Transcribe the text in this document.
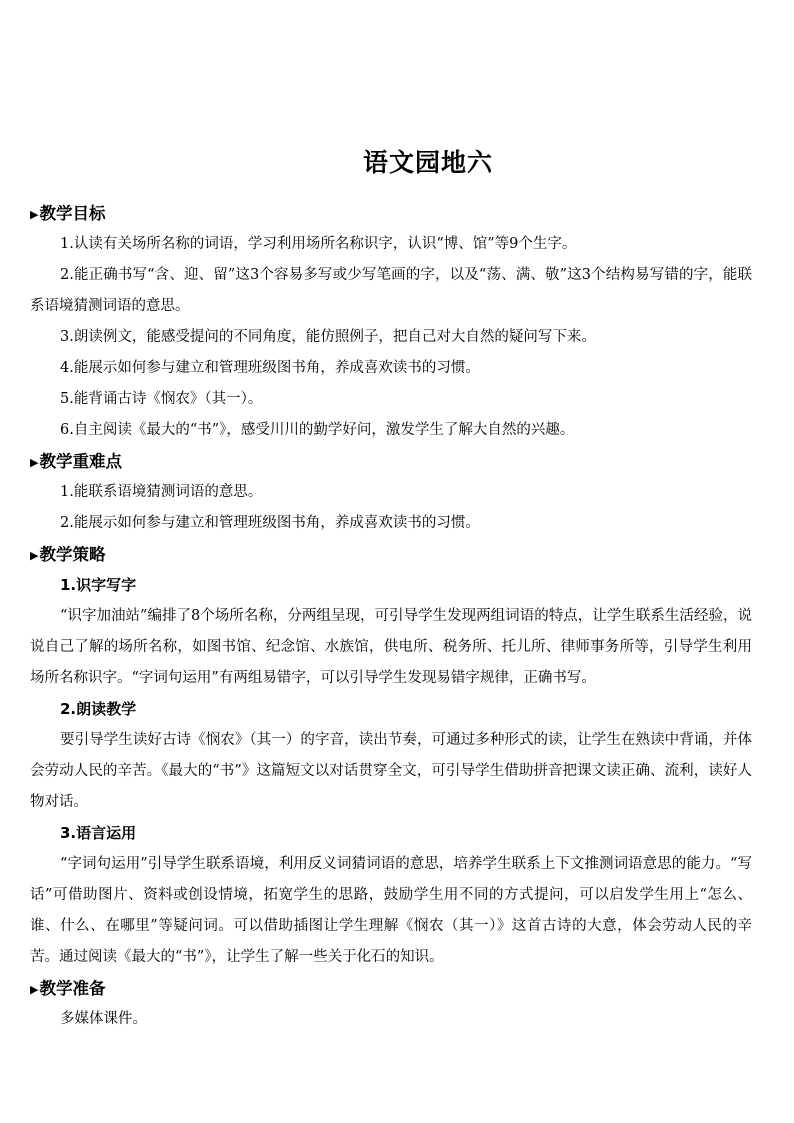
语文园地六
▶教学目标
1.认读有关场所名称的词语，学习利用场所名称识字，认识“博、馆”等9个生字。
2.能正确书写“含、迎、留”这3个容易多写或少写笔画的字，以及“荡、满、敬”这3个结构易写错的字，能联系语境猜测词语的意思。
3.朗读例文，能感受提问的不同角度，能仿照例子，把自己对大自然的疑问写下来。
4.能展示如何参与建立和管理班级图书角，养成喜欢读书的习惯。
5.能背诵古诗《悯农》（其一）。
6.自主阅读《最大的“书”》，感受川川的勤学好问，激发学生了解大自然的兴趣。
▶教学重难点
1.能联系语境猜测词语的意思。
2.能展示如何参与建立和管理班级图书角，养成喜欢读书的习惯。
▶教学策略
1.识字写字
“识字加油站”编排了8个场所名称，分两组呈现，可引导学生发现两组词语的特点，让学生联系生活经验，说说自己了解的场所名称，如图书馆、纪念馆、水族馆，供电所、税务所、托儿所、律师事务所等，引导学生利用场所名称识字。“字词句运用”有两组易错字，可以引导学生发现易错字规律，正确书写。
2.朗读教学
要引导学生读好古诗《悯农》（其一）的字音，读出节奏，可通过多种形式的读，让学生在熟读中背诵，并体会劳动人民的辛苦。《最大的“书”》这篇短文以对话贯穿全文，可引导学生借助拼音把课文读正确、流利，读好人物对话。
3.语言运用
“字词句运用”引导学生联系语境，利用反义词猜词语的意思，培养学生联系上下文推测词语意思的能力。“写话”可借助图片、资料或创设情境，拓宽学生的思路，鼓励学生用不同的方式提问，可以启发学生用上“怎么、谁、什么、在哪里”等疑问词。可以借助插图让学生理解《悯农（其一）》这首古诗的大意，体会劳动人民的辛苦。通过阅读《最大的“书”》，让学生了解一些关于化石的知识。
▶教学准备
多媒体课件。
